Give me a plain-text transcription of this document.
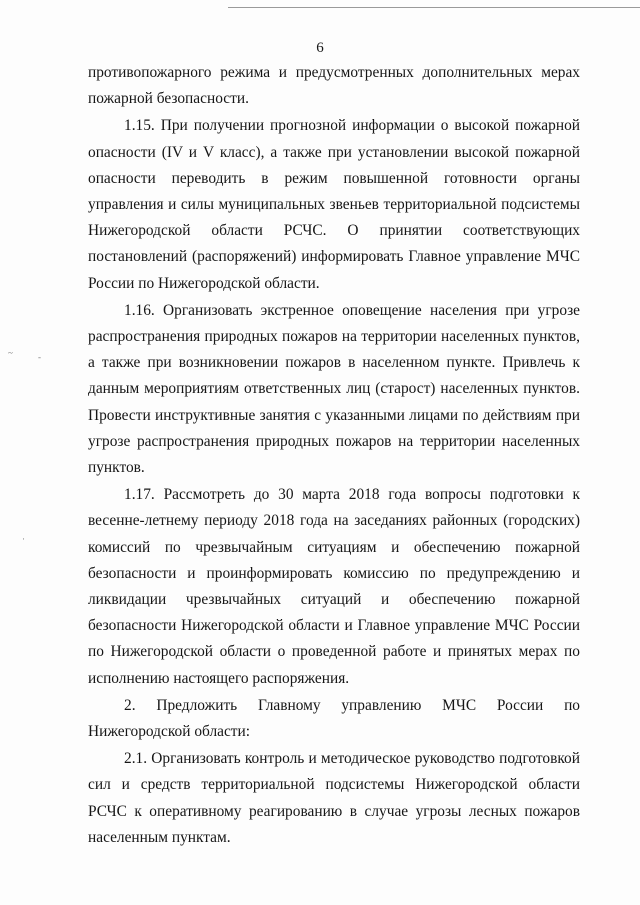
6

противопожарного режима и предусмотренных дополнительных мерах пожарной безопасности.

1.15. При получении прогнозной информации о высокой пожарной опасности (IV и V класс), а также при установлении высокой пожарной опасности переводить в режим повышенной готовности органы управления и силы муниципальных звеньев территориальной подсистемы Нижегородской области РСЧС. О принятии соответствующих постановлений (распоряжений) информировать Главное управление МЧС России по Нижегородской области.

1.16. Организовать экстренное оповещение населения при угрозе распространения природных пожаров на территории населенных пунктов, а также при возникновении пожаров в населенном пункте. Привлечь к данным мероприятиям ответственных лиц (старост) населенных пунктов. Провести инструктивные занятия с указанными лицами по действиям при угрозе распространения природных пожаров на территории населенных пунктов.

1.17. Рассмотреть до 30 марта 2018 года вопросы подготовки к весенне-летнему периоду 2018 года на заседаниях районных (городских) комиссий по чрезвычайным ситуациям и обеспечению пожарной безопасности и проинформировать комиссию по предупреждению и ликвидации чрезвычайных ситуаций и обеспечению пожарной безопасности Нижегородской области и Главное управление МЧС России по Нижегородской области о проведенной работе и принятых мерах по исполнению настоящего распоряжения.

2. Предложить Главному управлению МЧС России по Нижегородской области:

2.1. Организовать контроль и методическое руководство подготовкой сил и средств территориальной подсистемы Нижегородской области РСЧС к оперативному реагированию в случае угрозы лесных пожаров населенным пунктам.

~	-
·
